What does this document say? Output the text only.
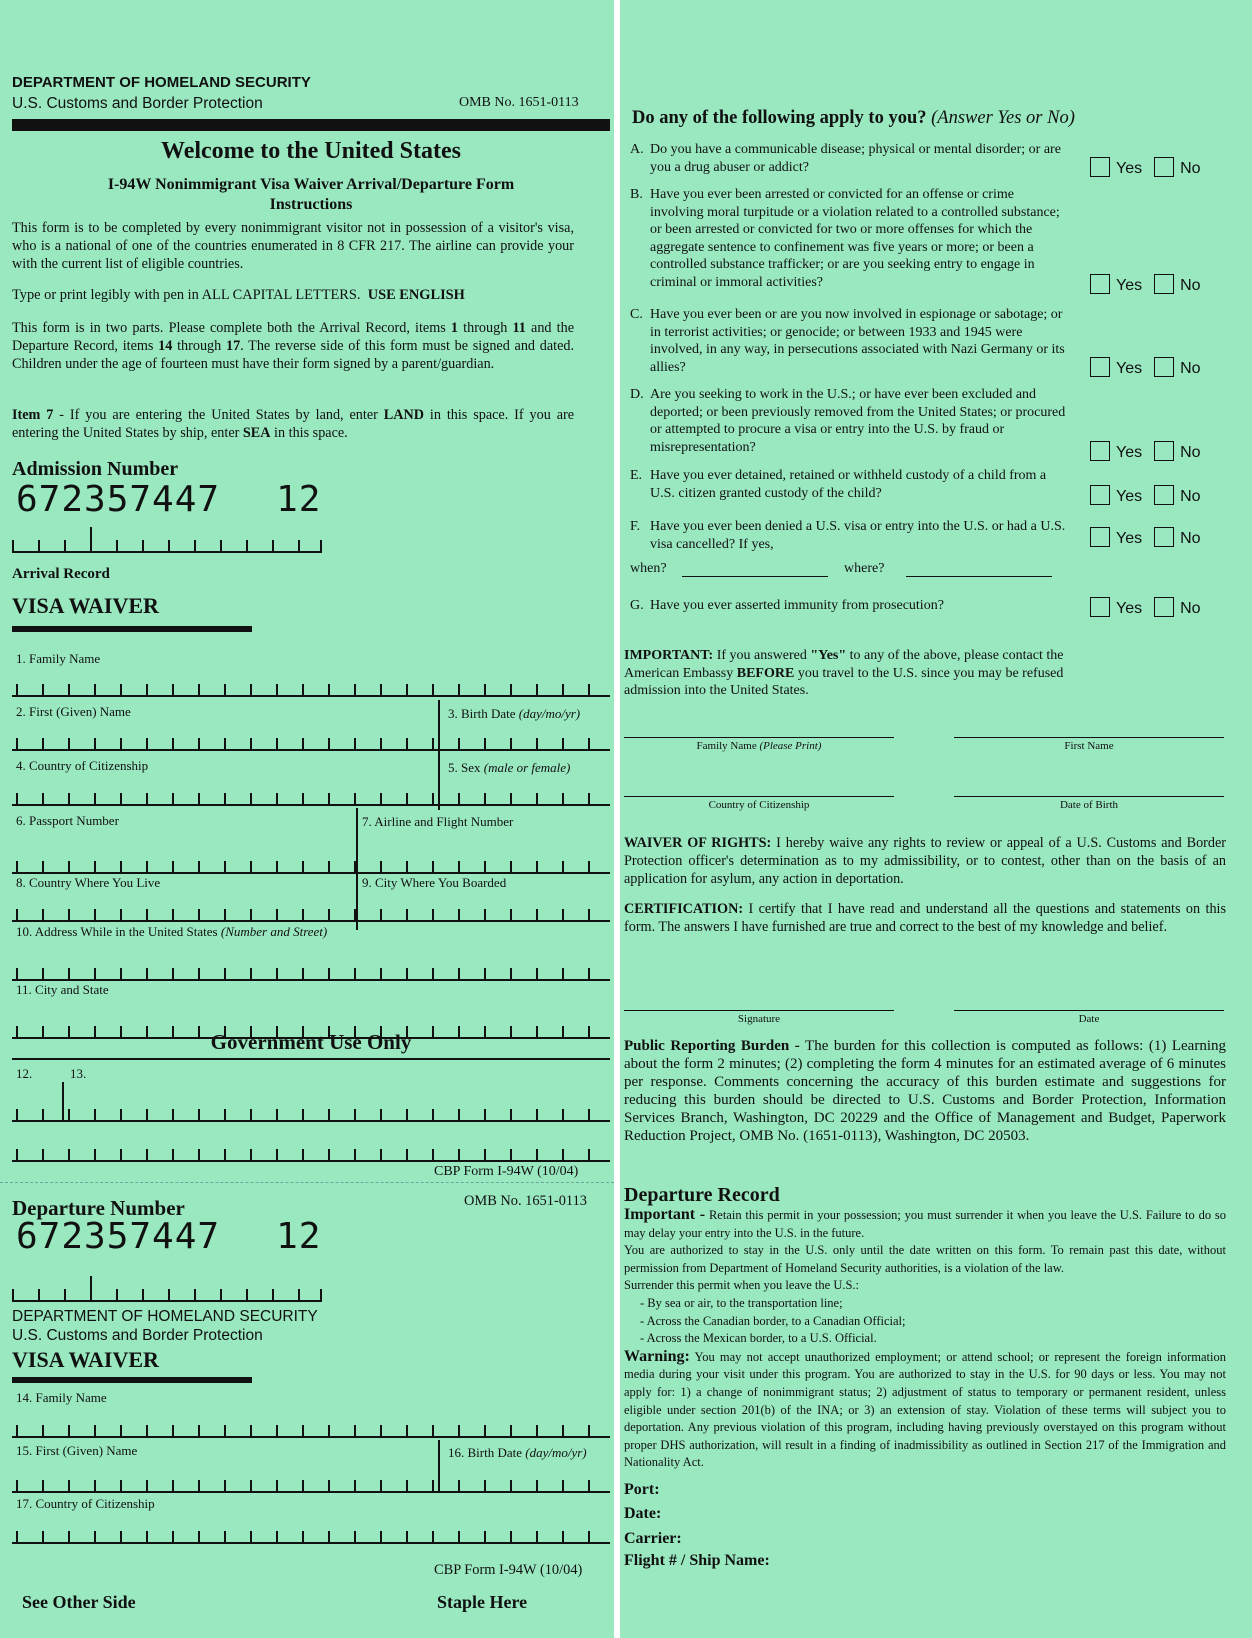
DEPARTMENT OF HOMELAND SECURITY
U.S. Customs and Border Protection	OMB No. 1651-0113
Welcome to the United States
I-94W Nonimmigrant Visa Waiver Arrival/Departure Form
Instructions
This form is to be completed by every nonimmigrant visitor not in possession of a visitor's visa, who is a national of one of the countries enumerated in 8 CFR 217. The airline can provide your with the current list of eligible countries.
Type or print legibly with pen in ALL CAPITAL LETTERS. USE ENGLISH
This form is in two parts. Please complete both the Arrival Record, items 1 through 11 and the Departure Record, items 14 through 17. The reverse side of this form must be signed and dated. Children under the age of fourteen must have their form signed by a parent/guardian.
Item 7 - If you are entering the United States by land, enter LAND in this space. If you are entering the United States by ship, enter SEA in this space.
Admission Number
672357447 12
Arrival Record
VISA WAIVER
1. Family Name
2. First (Given) Name	3. Birth Date (day/mo/yr)
4. Country of Citizenship	5. Sex (male or female)
6. Passport Number	7. Airline and Flight Number
8. Country Where You Live	9. City Where You Boarded
10. Address While in the United States (Number and Street)
11. City and State
Government Use Only
12.	13.
CBP Form I-94W (10/04)
Departure Number	OMB No. 1651-0113
672357447 12
DEPARTMENT OF HOMELAND SECURITY
U.S. Customs and Border Protection
VISA WAIVER
14. Family Name
15. First (Given) Name	16. Birth Date (day/mo/yr)
17. Country of Citizenship
CBP Form I-94W (10/04)
See Other Side	Staple Here
Do any of the following apply to you? (Answer Yes or No)
A. Do you have a communicable disease; physical or mental disorder; or are you a drug abuser or addict?	Yes No
B. Have you ever been arrested or convicted for an offense or crime involving moral turpitude or a violation related to a controlled substance; or been arrested or convicted for two or more offenses for which the aggregate sentence to confinement was five years or more; or been a controlled substance trafficker; or are you seeking entry to engage in criminal or immoral activities?	Yes No
C. Have you ever been or are you now involved in espionage or sabotage; or in terrorist activities; or genocide; or between 1933 and 1945 were involved, in any way, in persecutions associated with Nazi Germany or its allies?	Yes No
D. Are you seeking to work in the U.S.; or have ever been excluded and deported; or been previously removed from the United States; or procured or attempted to procure a visa or entry into the U.S. by fraud or misrepresentation?	Yes No
E. Have you ever detained, retained or withheld custody of a child from a U.S. citizen granted custody of the child?	Yes No
F. Have you ever been denied a U.S. visa or entry into the U.S. or had a U.S. visa cancelled? If yes,	Yes No
when?	where?
G. Have you ever asserted immunity from prosecution?	Yes No
IMPORTANT: If you answered "Yes" to any of the above, please contact the American Embassy BEFORE you travel to the U.S. since you may be refused admission into the United States.
Family Name (Please Print)	First Name
Country of Citizenship	Date of Birth
WAIVER OF RIGHTS: I hereby waive any rights to review or appeal of a U.S. Customs and Border Protection officer's determination as to my admissibility, or to contest, other than on the basis of an application for asylum, any action in deportation.
CERTIFICATION: I certify that I have read and understand all the questions and statements on this form. The answers I have furnished are true and correct to the best of my knowledge and belief.
Signature	Date
Public Reporting Burden - The burden for this collection is computed as follows: (1) Learning about the form 2 minutes; (2) completing the form 4 minutes for an estimated average of 6 minutes per response. Comments concerning the accuracy of this burden estimate and suggestions for reducing this burden should be directed to U.S. Customs and Border Protection, Information Services Branch, Washington, DC 20229 and the Office of Management and Budget, Paperwork Reduction Project, OMB No. (1651-0113), Washington, DC 20503.
Departure Record
Important - Retain this permit in your possession; you must surrender it when you leave the U.S. Failure to do so may delay your entry into the U.S. in the future.
You are authorized to stay in the U.S. only until the date written on this form. To remain past this date, without permission from Department of Homeland Security authorities, is a violation of the law.
Surrender this permit when you leave the U.S.:
- By sea or air, to the transportation line;
- Across the Canadian border, to a Canadian Official;
- Across the Mexican border, to a U.S. Official.
Warning: You may not accept unauthorized employment; or attend school; or represent the foreign information media during your visit under this program. You are authorized to stay in the U.S. for 90 days or less. You may not apply for: 1) a change of nonimmigrant status; 2) adjustment of status to temporary or permanent resident, unless eligible under section 201(b) of the INA; or 3) an extension of stay. Violation of these terms will subject you to deportation. Any previous violation of this program, including having previously overstayed on this program without proper DHS authorization, will result in a finding of inadmissibility as outlined in Section 217 of the Immigration and Nationality Act.
Port:
Date:
Carrier:
Flight # / Ship Name:
